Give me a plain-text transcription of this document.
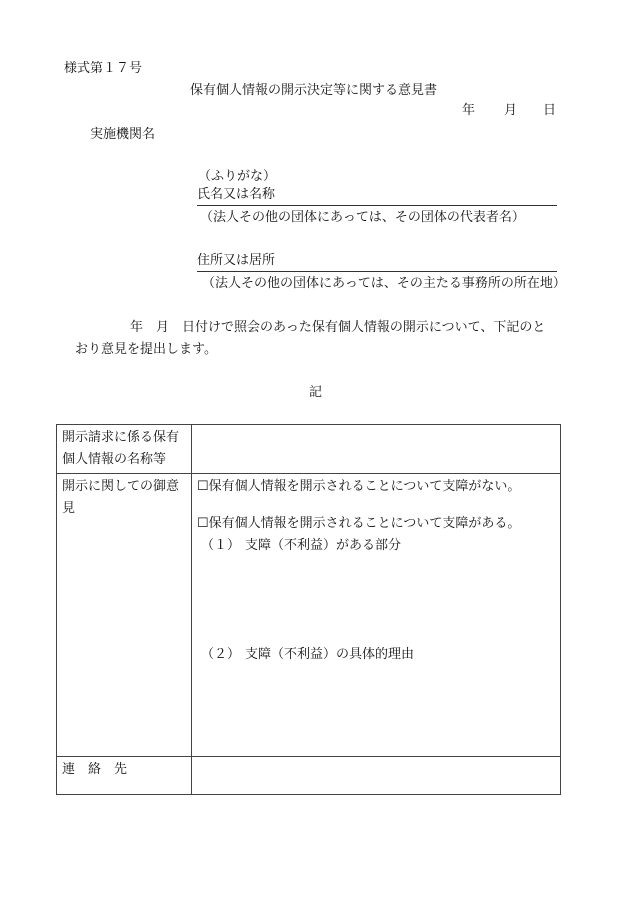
様式第１７号
保有個人情報の開示決定等に関する意見書
年 月 日
実施機関名
（ふりがな）
氏名又は名称
（法人その他の団体にあっては、その団体の代表者名）
住所又は居所
（法人その他の団体にあっては、その主たる事務所の所在地）
年　月　日付けで照会のあった保有個人情報の開示について、下記のと
おり意見を提出します。
記
開示請求に係る保有個人情報の名称等	
開示に関しての御意見	☐保有個人情報を開示されることについて支障がない。
☐保有個人情報を開示されることについて支障がある。
（１） 支障（不利益）がある部分
（２） 支障（不利益）の具体的理由

連　絡　先	
